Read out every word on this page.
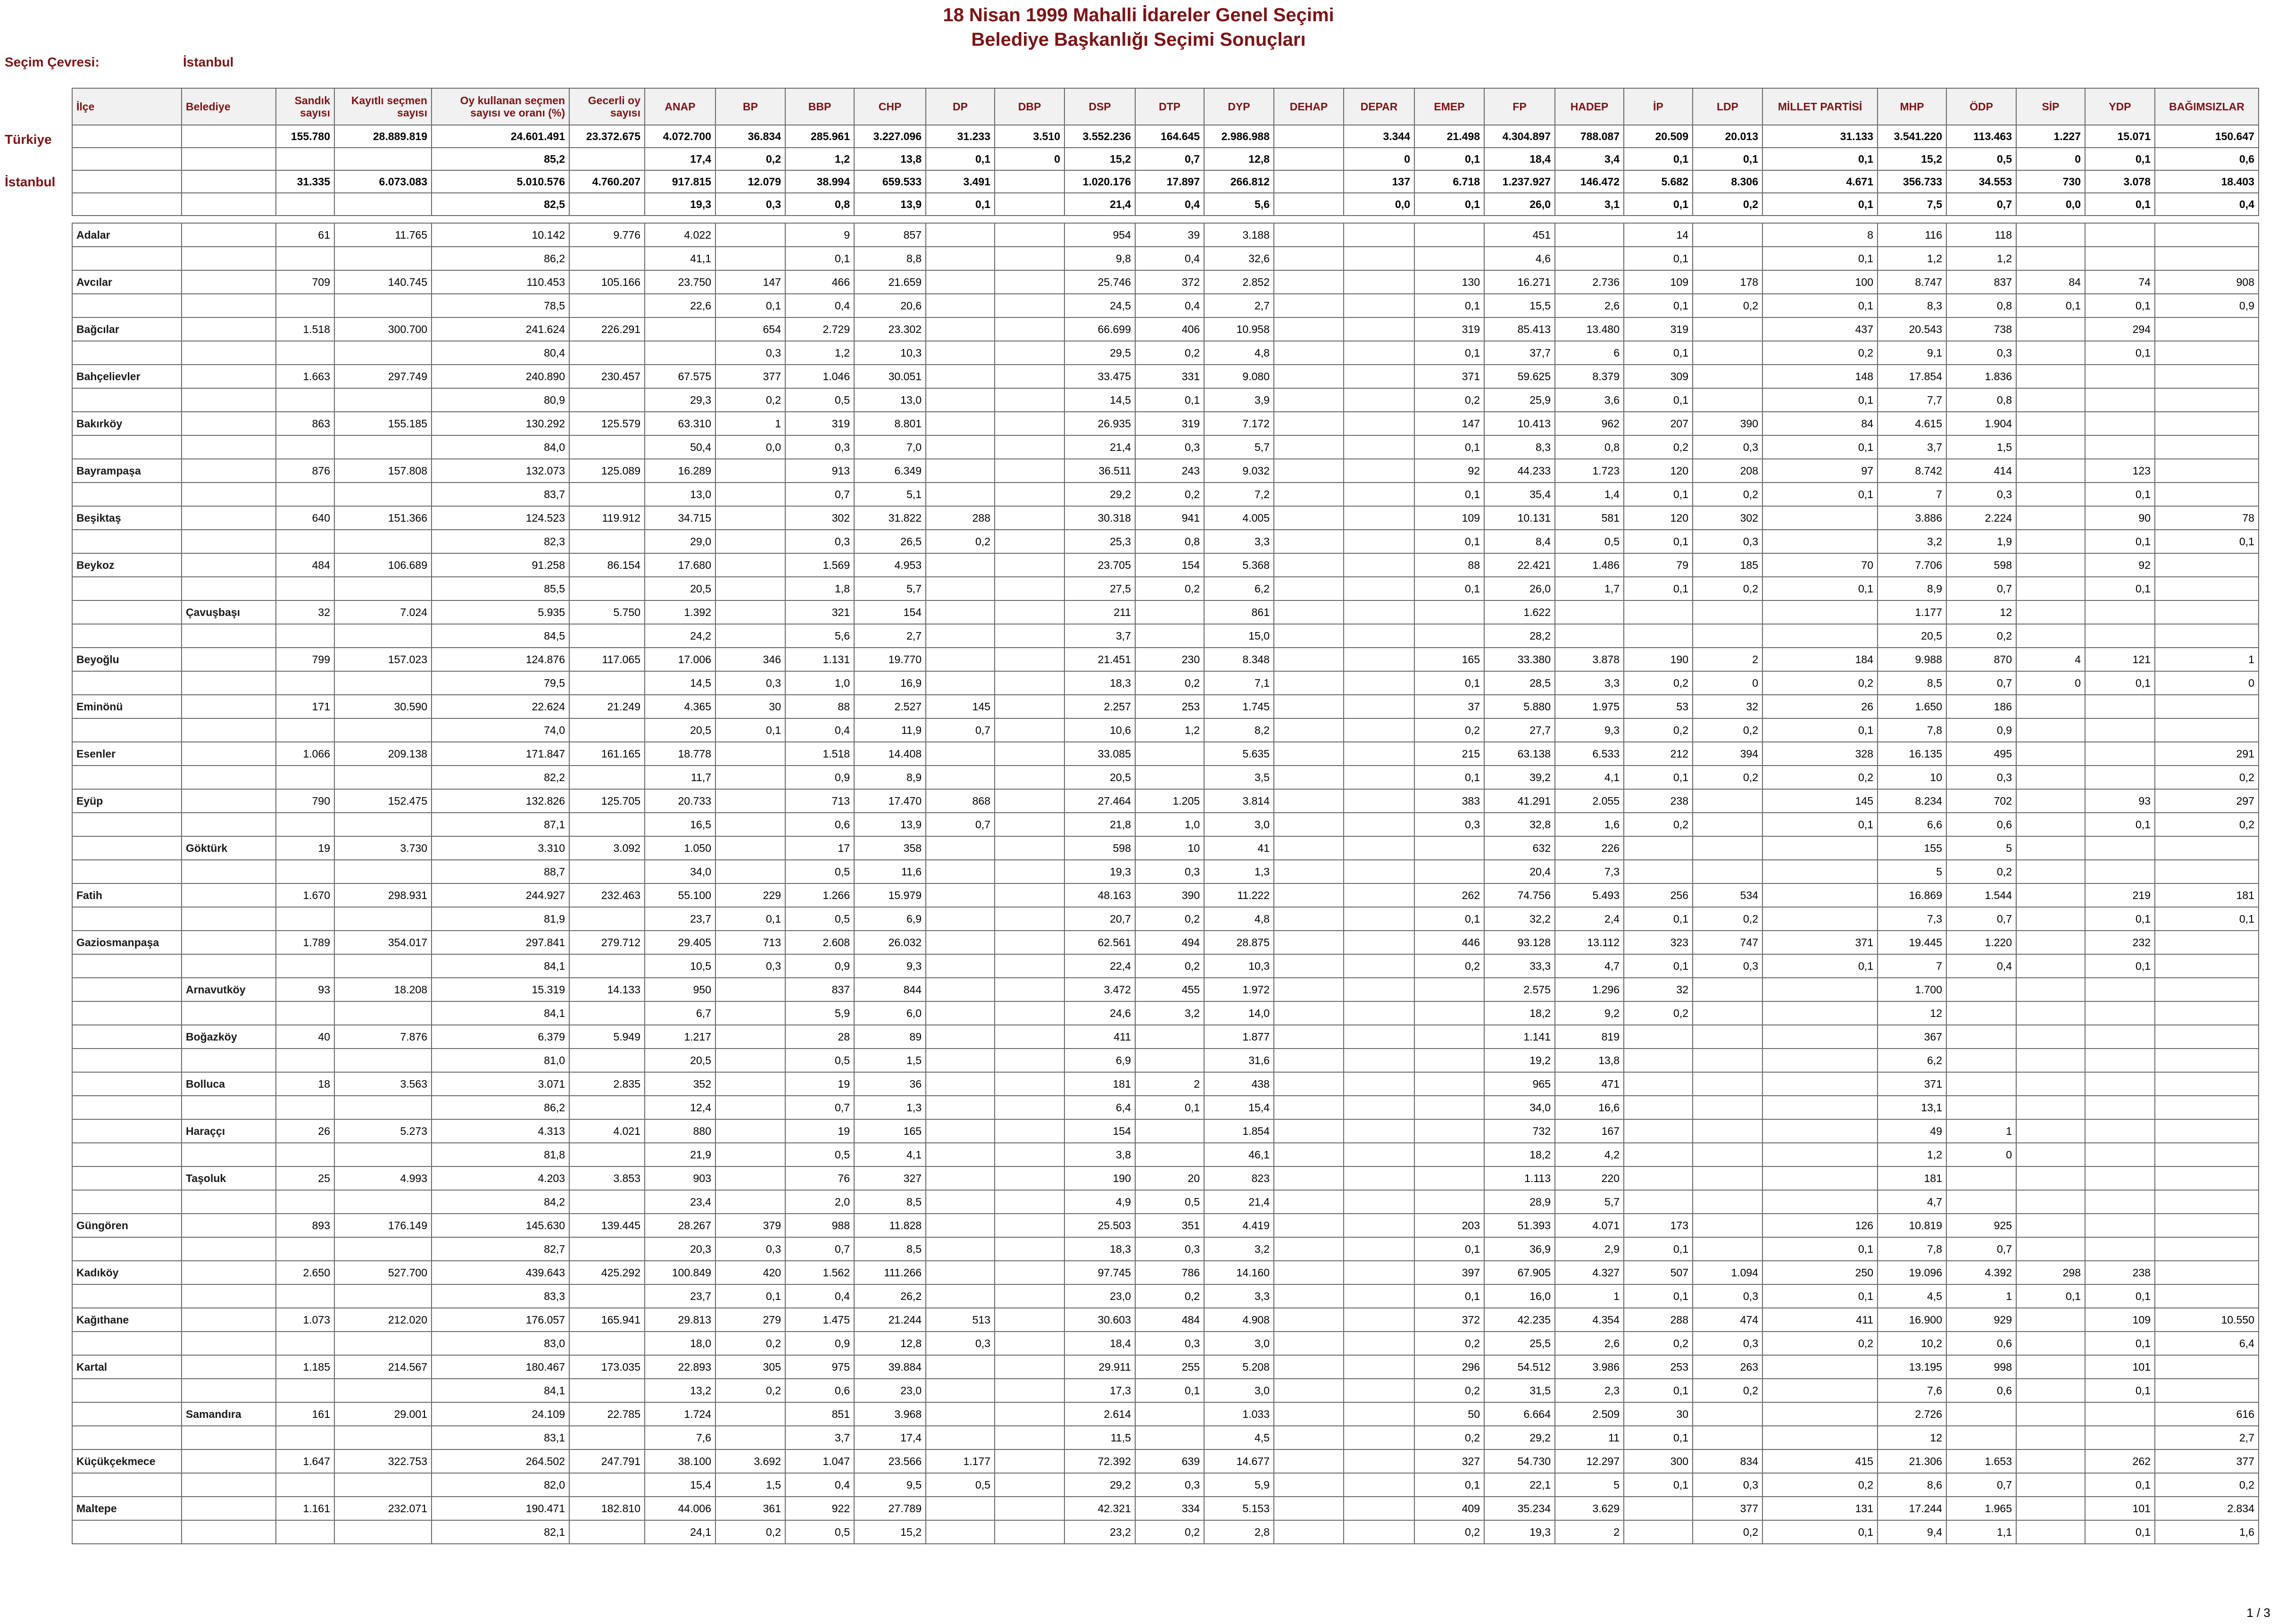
18 Nisan 1999 Mahalli İdareler Genel Seçimi
Belediye Başkanlığı Seçimi Sonuçları
Seçim Çevresi:	İstanbul
Türkiye
İstanbul
İlçe	Belediye	Sandık sayısı	Kayıtlı seçmen sayısı	Oy kullanan seçmen sayısı ve oranı (%)	Gecerli oy sayısı	ANAP	BP	BBP	CHP	DP	DBP	DSP	DTP	DYP	DEHAP	DEPAR	EMEP	FP	HADEP	İP	LDP	MİLLET PARTİSİ	MHP	ÖDP	SİP	YDP	BAĞIMSIZLAR
		155.780	28.889.819	24.601.491	23.372.675	4.072.700	36.834	285.961	3.227.096	31.233	3.510	3.552.236	164.645	2.986.988		3.344	21.498	4.304.897	788.087	20.509	20.013	31.133	3.541.220	113.463	1.227	15.071	150.647
				85,2		17,4	0,2	1,2	13,8	0,1	0	15,2	0,7	12,8		0	0,1	18,4	3,4	0,1	0,1	0,1	15,2	0,5	0	0,1	0,6
		31.335	6.073.083	5.010.576	4.760.207	917.815	12.079	38.994	659.533	3.491		1.020.176	17.897	266.812		137	6.718	1.237.927	146.472	5.682	8.306	4.671	356.733	34.553	730	3.078	18.403
				82,5		19,3	0,3	0,8	13,9	0,1		21,4	0,4	5,6		0,0	0,1	26,0	3,1	0,1	0,2	0,1	7,5	0,7	0,0	0,1	0,4

Adalar		61	11.765	10.142	9.776	4.022		9	857			954	39	3.188				451		14		8	116	118			
				86,2		41,1		0,1	8,8			9,8	0,4	32,6				4,6		0,1		0,1	1,2	1,2			
Avcılar		709	140.745	110.453	105.166	23.750	147	466	21.659			25.746	372	2.852			130	16.271	2.736	109	178	100	8.747	837	84	74	908
				78,5		22,6	0,1	0,4	20,6			24,5	0,4	2,7			0,1	15,5	2,6	0,1	0,2	0,1	8,3	0,8	0,1	0,1	0,9
Bağcılar		1.518	300.700	241.624	226.291		654	2.729	23.302			66.699	406	10.958			319	85.413	13.480	319		437	20.543	738		294	
				80,4			0,3	1,2	10,3			29,5	0,2	4,8			0,1	37,7	6	0,1		0,2	9,1	0,3		0,1	
Bahçelievler		1.663	297.749	240.890	230.457	67.575	377	1.046	30.051			33.475	331	9.080			371	59.625	8.379	309		148	17.854	1.836			
				80,9		29,3	0,2	0,5	13,0			14,5	0,1	3,9			0,2	25,9	3,6	0,1		0,1	7,7	0,8			
Bakırköy		863	155.185	130.292	125.579	63.310	1	319	8.801			26.935	319	7.172			147	10.413	962	207	390	84	4.615	1.904			
				84,0		50,4	0,0	0,3	7,0			21,4	0,3	5,7			0,1	8,3	0,8	0,2	0,3	0,1	3,7	1,5			
Bayrampaşa		876	157.808	132.073	125.089	16.289		913	6.349			36.511	243	9.032			92	44.233	1.723	120	208	97	8.742	414		123	
				83,7		13,0		0,7	5,1			29,2	0,2	7,2			0,1	35,4	1,4	0,1	0,2	0,1	7	0,3		0,1	
Beşiktaş		640	151.366	124.523	119.912	34.715		302	31.822	288		30.318	941	4.005			109	10.131	581	120	302		3.886	2.224		90	78
				82,3		29,0		0,3	26,5	0,2		25,3	0,8	3,3			0,1	8,4	0,5	0,1	0,3		3,2	1,9		0,1	0,1
Beykoz		484	106.689	91.258	86.154	17.680		1.569	4.953			23.705	154	5.368			88	22.421	1.486	79	185	70	7.706	598		92	
				85,5		20,5		1,8	5,7			27,5	0,2	6,2			0,1	26,0	1,7	0,1	0,2	0,1	8,9	0,7		0,1	
	Çavuşbaşı	32	7.024	5.935	5.750	1.392		321	154			211		861				1.622					1.177	12			
				84,5		24,2		5,6	2,7			3,7		15,0				28,2					20,5	0,2			
Beyoğlu		799	157.023	124.876	117.065	17.006	346	1.131	19.770			21.451	230	8.348			165	33.380	3.878	190	2	184	9.988	870	4	121	1
				79,5		14,5	0,3	1,0	16,9			18,3	0,2	7,1			0,1	28,5	3,3	0,2	0	0,2	8,5	0,7	0	0,1	0
Eminönü		171	30.590	22.624	21.249	4.365	30	88	2.527	145		2.257	253	1.745			37	5.880	1.975	53	32	26	1.650	186			
				74,0		20,5	0,1	0,4	11,9	0,7		10,6	1,2	8,2			0,2	27,7	9,3	0,2	0,2	0,1	7,8	0,9			
Esenler		1.066	209.138	171.847	161.165	18.778		1.518	14.408			33.085		5.635			215	63.138	6.533	212	394	328	16.135	495			291
				82,2		11,7		0,9	8,9			20,5		3,5			0,1	39,2	4,1	0,1	0,2	0,2	10	0,3			0,2
Eyüp		790	152.475	132.826	125.705	20.733		713	17.470	868		27.464	1.205	3.814			383	41.291	2.055	238		145	8.234	702		93	297
				87,1		16,5		0,6	13,9	0,7		21,8	1,0	3,0			0,3	32,8	1,6	0,2		0,1	6,6	0,6		0,1	0,2
	Göktürk	19	3.730	3.310	3.092	1.050		17	358			598	10	41				632	226				155	5			
				88,7		34,0		0,5	11,6			19,3	0,3	1,3				20,4	7,3				5	0,2			
Fatih		1.670	298.931	244.927	232.463	55.100	229	1.266	15.979			48.163	390	11.222			262	74.756	5.493	256	534		16.869	1.544		219	181
				81,9		23,7	0,1	0,5	6,9			20,7	0,2	4,8			0,1	32,2	2,4	0,1	0,2		7,3	0,7		0,1	0,1
Gaziosmanpaşa		1.789	354.017	297.841	279.712	29.405	713	2.608	26.032			62.561	494	28.875			446	93.128	13.112	323	747	371	19.445	1.220		232	
				84,1		10,5	0,3	0,9	9,3			22,4	0,2	10,3			0,2	33,3	4,7	0,1	0,3	0,1	7	0,4		0,1	
	Arnavutköy	93	18.208	15.319	14.133	950		837	844			3.472	455	1.972				2.575	1.296	32			1.700				
				84,1		6,7		5,9	6,0			24,6	3,2	14,0				18,2	9,2	0,2			12				
	Boğazköy	40	7.876	6.379	5.949	1.217		28	89			411		1.877				1.141	819				367				
				81,0		20,5		0,5	1,5			6,9		31,6				19,2	13,8				6,2				
	Bolluca	18	3.563	3.071	2.835	352		19	36			181	2	438				965	471				371				
				86,2		12,4		0,7	1,3			6,4	0,1	15,4				34,0	16,6				13,1				
	Haraççı	26	5.273	4.313	4.021	880		19	165			154		1.854				732	167				49	1			
				81,8		21,9		0,5	4,1			3,8		46,1				18,2	4,2				1,2	0			
	Taşoluk	25	4.993	4.203	3.853	903		76	327			190	20	823				1.113	220				181				
				84,2		23,4		2,0	8,5			4,9	0,5	21,4				28,9	5,7				4,7				
Güngören		893	176.149	145.630	139.445	28.267	379	988	11.828			25.503	351	4.419			203	51.393	4.071	173		126	10.819	925			
				82,7		20,3	0,3	0,7	8,5			18,3	0,3	3,2			0,1	36,9	2,9	0,1		0,1	7,8	0,7			
Kadıköy		2.650	527.700	439.643	425.292	100.849	420	1.562	111.266			97.745	786	14.160			397	67.905	4.327	507	1.094	250	19.096	4.392	298	238	
				83,3		23,7	0,1	0,4	26,2			23,0	0,2	3,3			0,1	16,0	1	0,1	0,3	0,1	4,5	1	0,1	0,1	
Kağıthane		1.073	212.020	176.057	165.941	29.813	279	1.475	21.244	513		30.603	484	4.908			372	42.235	4.354	288	474	411	16.900	929		109	10.550
				83,0		18,0	0,2	0,9	12,8	0,3		18,4	0,3	3,0			0,2	25,5	2,6	0,2	0,3	0,2	10,2	0,6		0,1	6,4
Kartal		1.185	214.567	180.467	173.035	22.893	305	975	39.884			29.911	255	5.208			296	54.512	3.986	253	263		13.195	998		101	
				84,1		13,2	0,2	0,6	23,0			17,3	0,1	3,0			0,2	31,5	2,3	0,1	0,2		7,6	0,6		0,1	
	Samandıra	161	29.001	24.109	22.785	1.724		851	3.968			2.614		1.033			50	6.664	2.509	30			2.726				616
				83,1		7,6		3,7	17,4			11,5		4,5			0,2	29,2	11	0,1			12				2,7
Küçükçekmece		1.647	322.753	264.502	247.791	38.100	3.692	1.047	23.566	1.177		72.392	639	14.677			327	54.730	12.297	300	834	415	21.306	1.653		262	377
				82,0		15,4	1,5	0,4	9,5	0,5		29,2	0,3	5,9			0,1	22,1	5	0,1	0,3	0,2	8,6	0,7		0,1	0,2
Maltepe		1.161	232.071	190.471	182.810	44.006	361	922	27.789			42.321	334	5.153			409	35.234	3.629		377	131	17.244	1.965		101	2.834
				82,1		24,1	0,2	0,5	15,2			23,2	0,2	2,8			0,2	19,3	2		0,2	0,1	9,4	1,1		0,1	1,6
1 / 3
